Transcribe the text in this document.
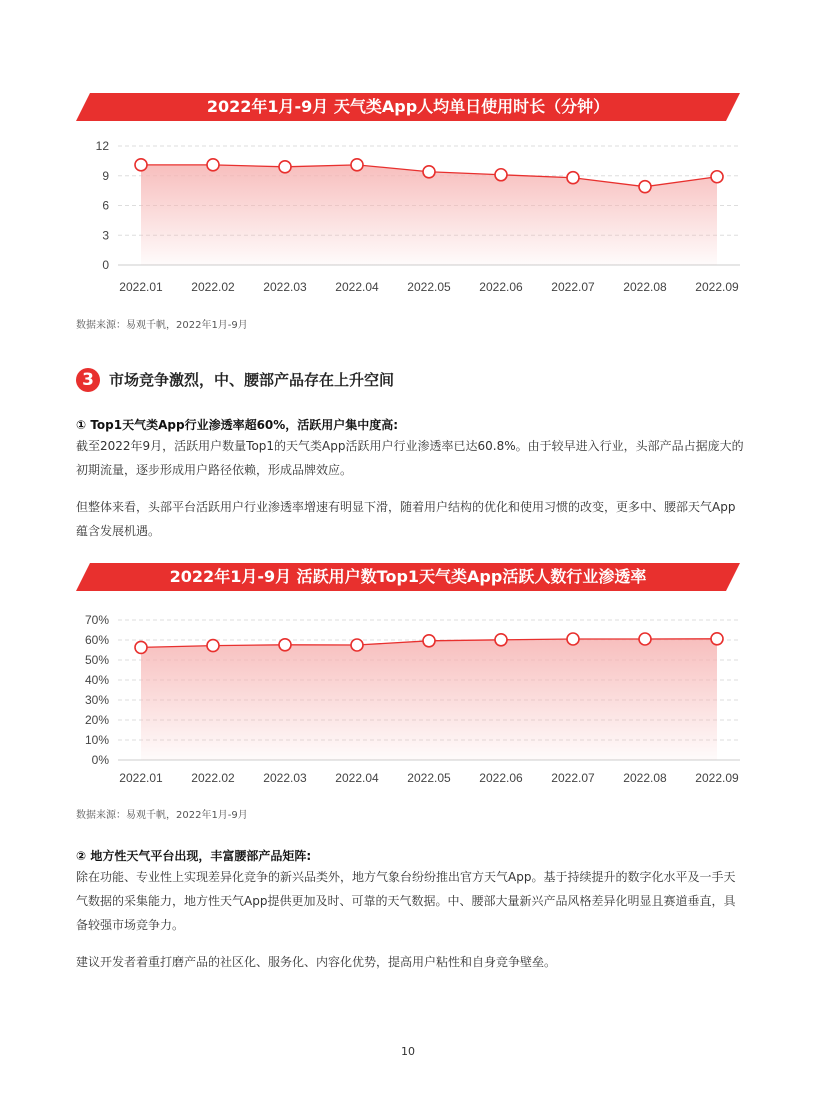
2022年1月-9月 天气类App人均单日使用时长（分钟）
0
3
6
9
12
2022.01 2022.02 2022.03 2022.04 2022.05 2022.06 2022.07 2022.08 2022.09
数据来源：易观千帆，2022年1月-9月
3	市场竞争激烈，中、腰部产品存在上升空间
① Top1天气类App行业渗透率超60%，活跃用户集中度高:
截至2022年9月，活跃用户数量Top1的天气类App活跃用户行业渗透率已达60.8%。由于较早进入行业，头部产品占据庞大的初期流量，逐步形成用户路径依赖，形成品牌效应。
但整体来看，头部平台活跃用户行业渗透率增速有明显下滑，随着用户结构的优化和使用习惯的改变，更多中、腰部天气App蕴含发展机遇。
2022年1月-9月 活跃用户数Top1天气类App活跃人数行业渗透率
0%
10%
20%
30%
40%
50%
60%
70%
2022.01 2022.02 2022.03 2022.04 2022.05 2022.06 2022.07 2022.08 2022.09
数据来源：易观千帆，2022年1月-9月
② 地方性天气平台出现，丰富腰部产品矩阵:
除在功能、专业性上实现差异化竞争的新兴品类外，地方气象台纷纷推出官方天气App。基于持续提升的数字化水平及一手天气数据的采集能力，地方性天气App提供更加及时、可靠的天气数据。中、腰部大量新兴产品风格差异化明显且赛道垂直，具备较强市场竞争力。
建议开发者着重打磨产品的社区化、服务化、内容化优势，提高用户粘性和自身竞争壁垒。
10
